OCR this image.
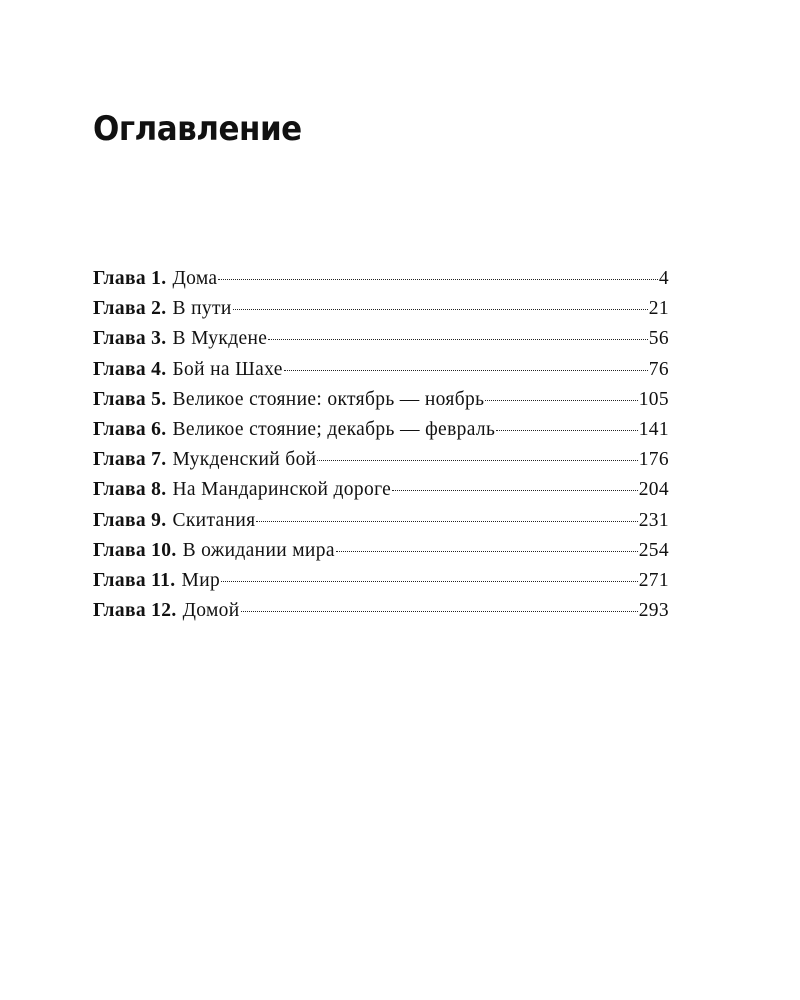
Оглавление
Глава 1. Дома	4
Глава 2. В пути	21
Глава 3. В Мукдене	56
Глава 4. Бой на Шахе	76
Глава 5. Великое стояние: октябрь — ноябрь	105
Глава 6. Великое стояние; декабрь — февраль	141
Глава 7. Мукденский бой	176
Глава 8. На Мандаринской дороге	204
Глава 9. Скитания	231
Глава 10. В ожидании мира	254
Глава 11. Мир	271
Глава 12. Домой	293
